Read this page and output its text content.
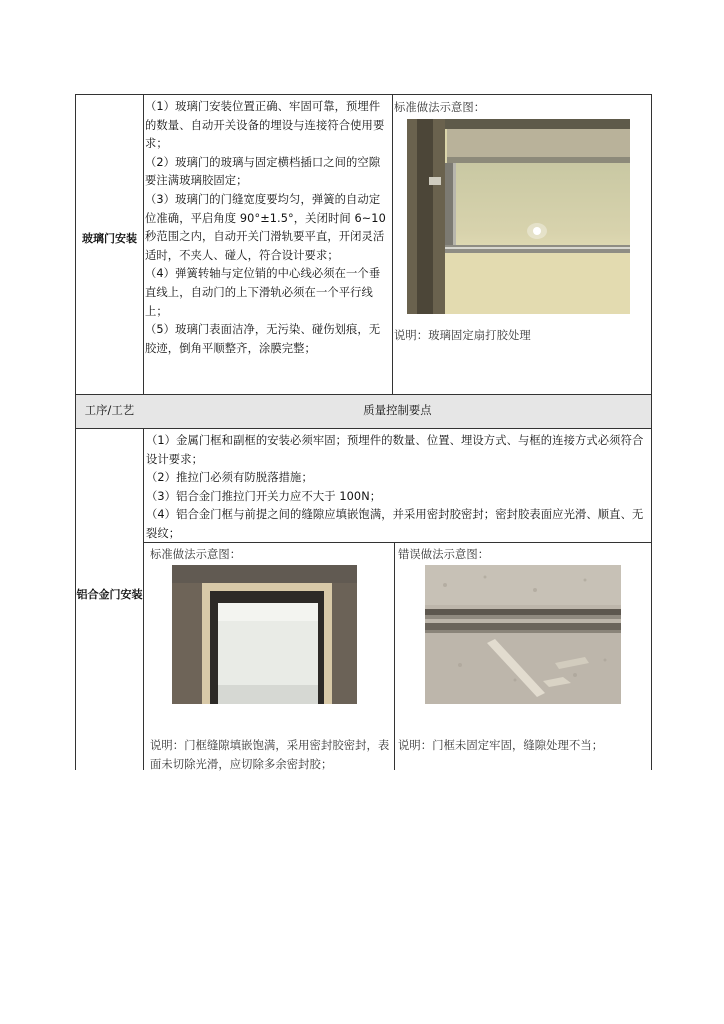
玻璃门安装

（1）玻璃门安装位置正确、牢固可靠，预埋件的数量、自动开关设备的埋设与连接符合使用要求；

（2）玻璃门的玻璃与固定横档插口之间的空隙要注满玻璃胶固定；

（3）玻璃门的门缝宽度要均匀，弹簧的自动定位准确，平启角度 90°±1.5°，关闭时间 6~10 秒范围之内，自动开关门滑轨要平直，开闭灵活适时，不夹人、碰人，符合设计要求；

（4）弹簧转轴与定位销的中心线必须在一个垂直线上，自动门的上下滑轨必须在一个平行线上；

（5）玻璃门表面洁净，无污染、碰伤划痕，无胶迹，倒角平顺整齐，涂膜完整；

标准做法示意图：
说明：玻璃固定扇打胶处理
工序/工艺	质量控制要点
铝合金门安装

（1）金属门框和副框的安装必须牢固；预埋件的数量、位置、埋设方式、与框的连接方式必须符合设计要求；

（2）推拉门必须有防脱落措施；

（3）铝合金门推拉门开关力应不大于 100N；

（4）铝合金门框与前提之间的缝隙应填嵌饱满，并采用密封胶密封；密封胶表面应光滑、顺直、无裂纹；

标准做法示意图：	错误做法示意图：
说明：门框缝隙填嵌饱满，采用密封胶密封，表面未切除光滑，应切除多余密封胶；
说明：门框未固定牢固，缝隙处理不当；
